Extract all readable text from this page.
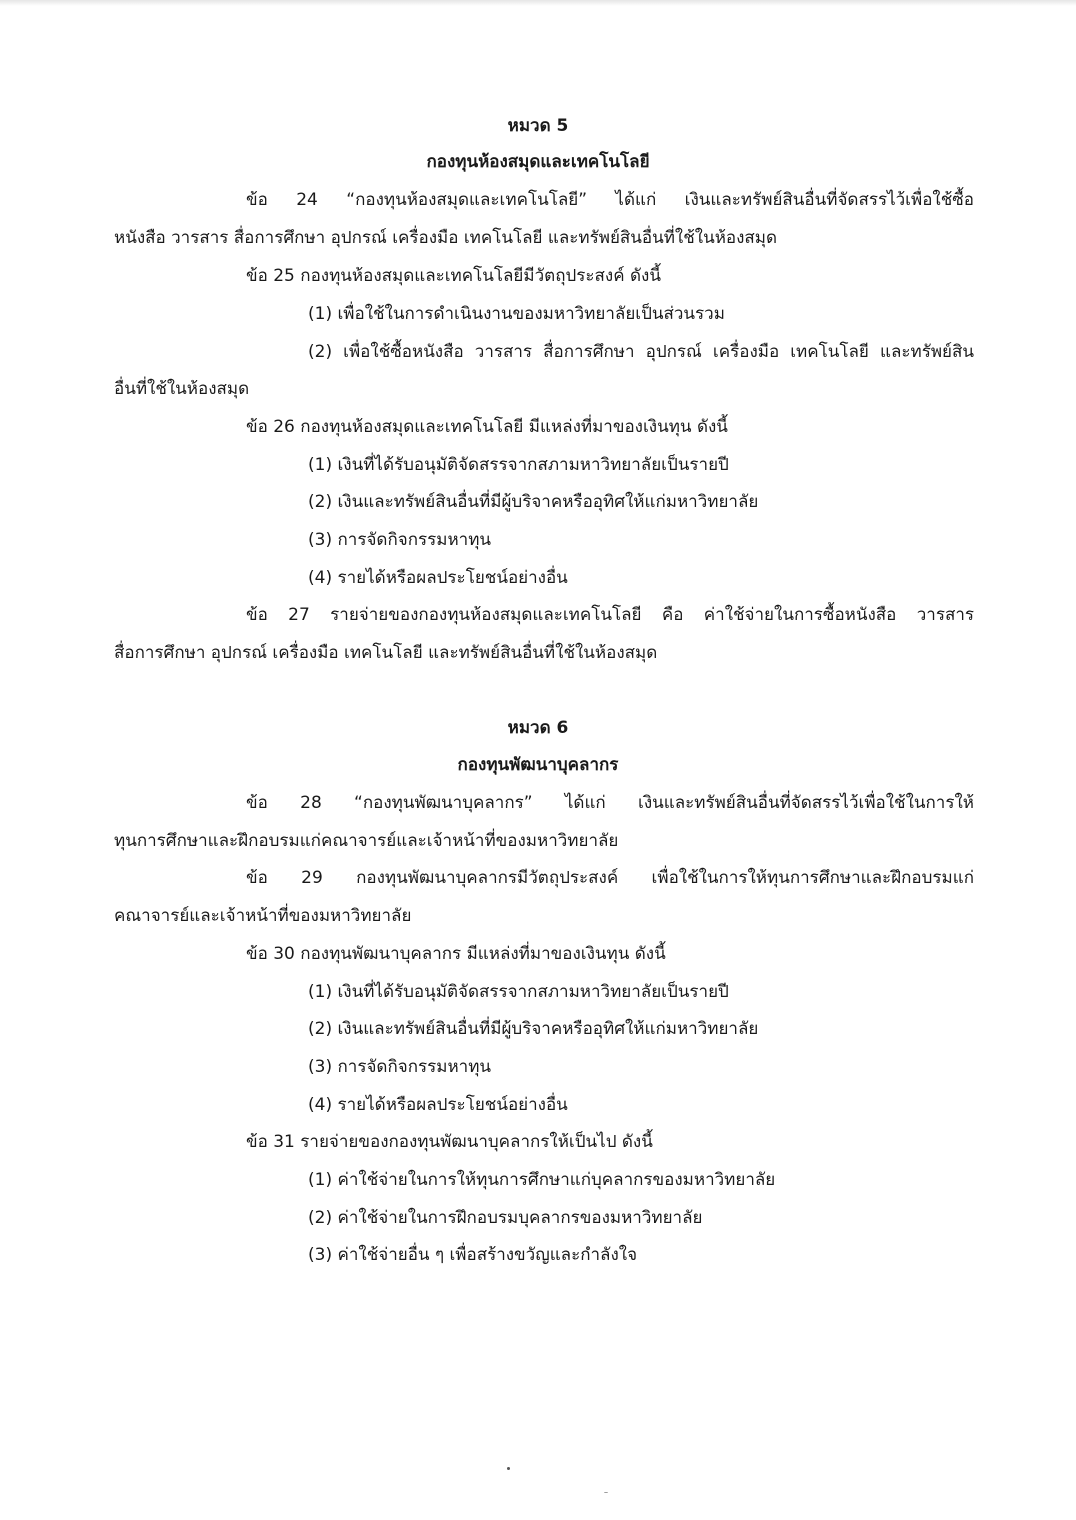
หมวด 5
กองทุนห้องสมุดและเทคโนโลยี
ข้อ 24 “กองทุนห้องสมุดและเทคโนโลยี” ได้แก่ เงินและทรัพย์สินอื่นที่จัดสรรไว้เพื่อใช้ซื้อ
หนังสือ วารสาร สื่อการศึกษา อุปกรณ์ เครื่องมือ เทคโนโลยี และทรัพย์สินอื่นที่ใช้ในห้องสมุด
ข้อ 25 กองทุนห้องสมุดและเทคโนโลยีมีวัตถุประสงค์ ดังนี้
(1) เพื่อใช้ในการดำเนินงานของมหาวิทยาลัยเป็นส่วนรวม
(2) เพื่อใช้ซื้อหนังสือ วารสาร สื่อการศึกษา อุปกรณ์ เครื่องมือ เทคโนโลยี และทรัพย์สิน
อื่นที่ใช้ในห้องสมุด
ข้อ 26 กองทุนห้องสมุดและเทคโนโลยี มีแหล่งที่มาของเงินทุน ดังนี้
(1) เงินที่ได้รับอนุมัติจัดสรรจากสภามหาวิทยาลัยเป็นรายปี
(2) เงินและทรัพย์สินอื่นที่มีผู้บริจาคหรืออุทิศให้แก่มหาวิทยาลัย
(3) การจัดกิจกรรมหาทุน
(4) รายได้หรือผลประโยชน์อย่างอื่น
ข้อ 27 รายจ่ายของกองทุนห้องสมุดและเทคโนโลยี คือ ค่าใช้จ่ายในการซื้อหนังสือ วารสาร
สื่อการศึกษา อุปกรณ์ เครื่องมือ เทคโนโลยี และทรัพย์สินอื่นที่ใช้ในห้องสมุด
หมวด 6
กองทุนพัฒนาบุคลากร
ข้อ 28 “กองทุนพัฒนาบุคลากร” ได้แก่ เงินและทรัพย์สินอื่นที่จัดสรรไว้เพื่อใช้ในการให้
ทุนการศึกษาและฝึกอบรมแก่คณาจารย์และเจ้าหน้าที่ของมหาวิทยาลัย
ข้อ 29 กองทุนพัฒนาบุคลากรมีวัตถุประสงค์ เพื่อใช้ในการให้ทุนการศึกษาและฝึกอบรมแก่
คณาจารย์และเจ้าหน้าที่ของมหาวิทยาลัย
ข้อ 30 กองทุนพัฒนาบุคลากร มีแหล่งที่มาของเงินทุน ดังนี้
(1) เงินที่ได้รับอนุมัติจัดสรรจากสภามหาวิทยาลัยเป็นรายปี
(2) เงินและทรัพย์สินอื่นที่มีผู้บริจาคหรืออุทิศให้แก่มหาวิทยาลัย
(3) การจัดกิจกรรมหาทุน
(4) รายได้หรือผลประโยชน์อย่างอื่น
ข้อ 31 รายจ่ายของกองทุนพัฒนาบุคลากรให้เป็นไป ดังนี้
(1) ค่าใช้จ่ายในการให้ทุนการศึกษาแก่บุคลากรของมหาวิทยาลัย
(2) ค่าใช้จ่ายในการฝึกอบรมบุคลากรของมหาวิทยาลัย
(3) ค่าใช้จ่ายอื่น ๆ เพื่อสร้างขวัญและกำลังใจ
